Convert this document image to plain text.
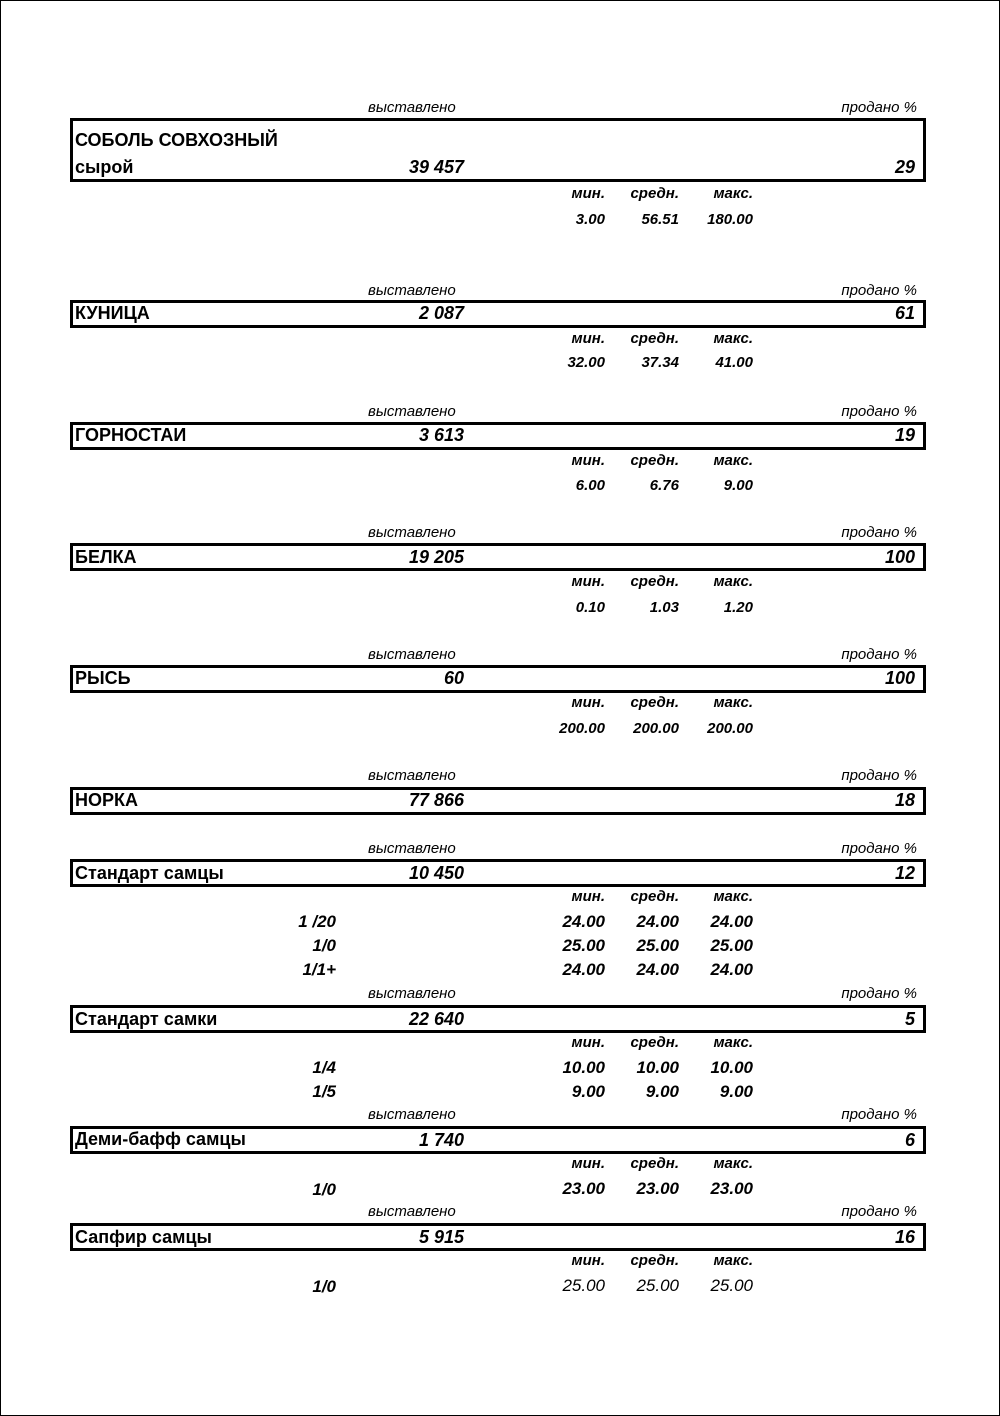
выставлено	продано %
СОБОЛЬ СОВХОЗНЫЙ
сырой	39 457	29
мин. средн. макс.
3.00 56.51 180.00
выставлено	продано %
КУНИЦА	2 087	61
мин. средн. макс.
32.00 37.34 41.00
выставлено	продано %
ГОРНОСТАИ	3 613	19
мин. средн. макс.
6.00	6.76	9.00
выставлено	продано %
БЕЛКА	19 205	100
мин. средн. макс.
0.10	1.03	1.20
выставлено	продано %
РЫСЬ	60	100
мин. средн. макс.
200.00 200.00 200.00
выставлено	продано %
НОРКА	77 866	18
выставлено	продано %
Стандарт самцы	10 450	12
мин. средн. макс.
1 /20	24.00 24.00 24.00
1/0	25.00 25.00 25.00
1/1+	24.00 24.00 24.00
выставлено	продано %
Стандарт самки	22 640	5
мин. средн. макс.
1/4	10.00 10.00 10.00
1/5	9.00 9.00 9.00
выставлено	продано %
Деми-бафф самцы	1 740	6
мин. средн. макс.
1/0	23.00 23.00 23.00
выставлено	продано %
Сапфир самцы	5 915	16
мин. средн. макс.
1/0	25.00 25.00 25.00
